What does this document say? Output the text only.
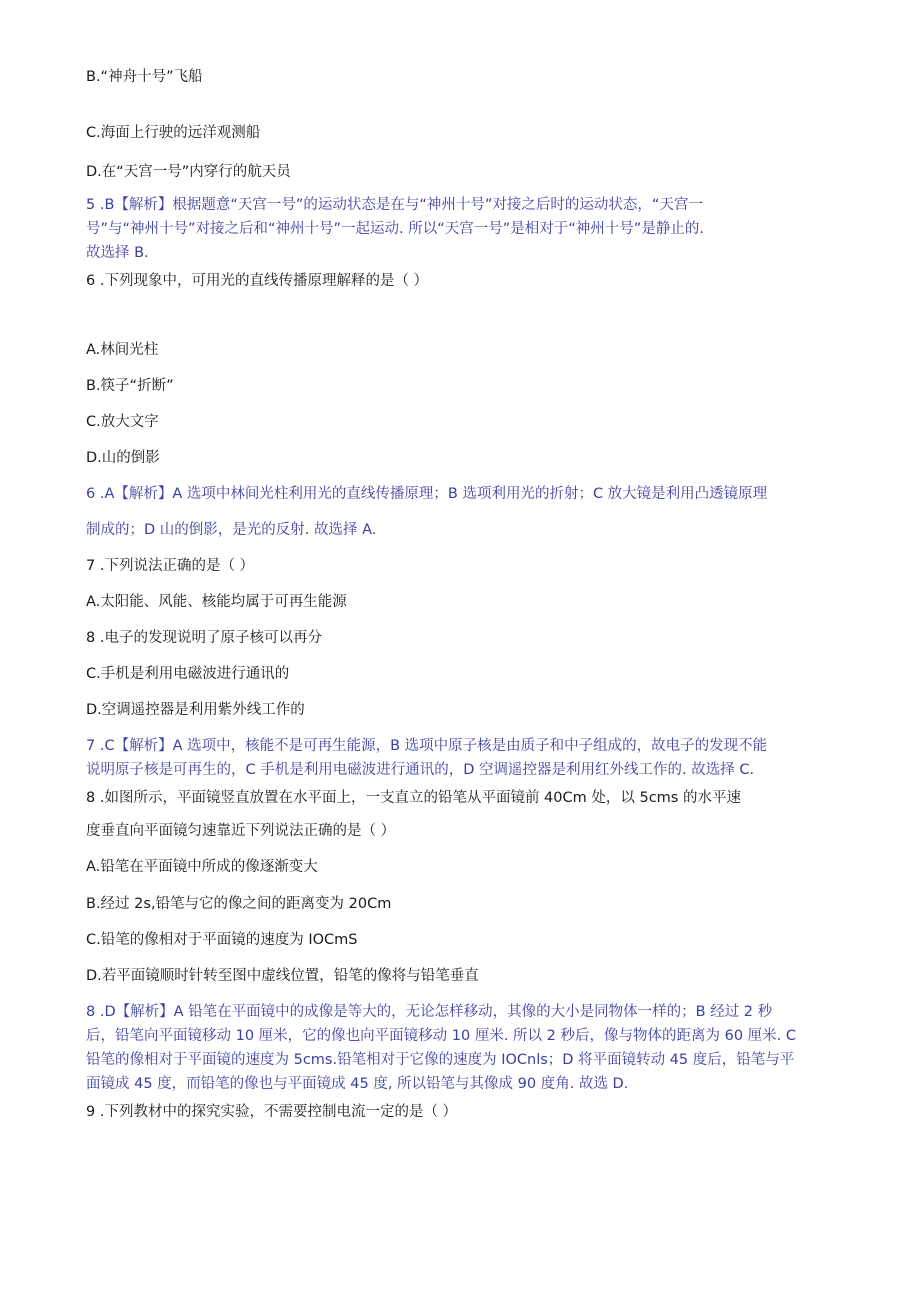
B.“神舟十号”飞船

C.海面上行驶的远洋观测船

D.在“天宫一号”内穿行的航天员

5 .B【解析】根据题意“天宫一号”的运动状态是在与“神州十号”对接之后时的运动状态，“天宫一

号”与“神州十号”对接之后和“神州十号”一起运动. 所以“天宫一号”是相对于“神州十号”是静止的.

故选择 B.

6 .下列现象中，可用光的直线传播原理解释的是（ ）

A.林间光柱

B.筷子“折断”

C.放大文字

D.山的倒影

6 .A【解析】A 选项中林间光柱利用光的直线传播原理；B 选项利用光的折射；C 放大镜是利用凸透镜原理

制成的；D 山的倒影，是光的反射. 故选择 A.

7 .下列说法正确的是（ ）

A.太阳能、风能、核能均属于可再生能源

8 .电子的发现说明了原子核可以再分

C.手机是利用电磁波进行通讯的

D.空调遥控器是利用紫外线工作的

7 .C【解析】A 选项中，核能不是可再生能源，B 选项中原子核是由质子和中子组成的，故电子的发现不能

说明原子核是可再生的，C 手机是利用电磁波进行通讯的，D 空调遥控器是利用红外线工作的. 故选择 C.

8 .如图所示，平面镜竖直放置在水平面上，一支直立的铅笔从平面镜前 40Cm 处，以 5cms 的水平速

度垂直向平面镜匀速靠近下列说法正确的是（ ）

A.铅笔在平面镜中所成的像逐渐变大

B.经过 2s,铅笔与它的像之间的距离变为 20Cm

C.铅笔的像相对于平面镜的速度为 IOCmS

D.若平面镜顺时针转至图中虚线位置，铅笔的像将与铅笔垂直

8 .D【解析】A 铅笔在平面镜中的成像是等大的，无论怎样移动，其像的大小是同物体一样的；B 经过 2 秒

后，铅笔向平面镜移动 10 厘米，它的像也向平面镜移动 10 厘米. 所以 2 秒后，像与物体的距离为 60 厘米. C

铅笔的像相对于平面镜的速度为 5cms.铅笔相对于它像的速度为 IOCnls；D 将平面镜转动 45 度后，铅笔与平

面镜成 45 度，而铅笔的像也与平面镜成 45 度, 所以铅笔与其像成 90 度角. 故选 D.

9 .下列教材中的探究实验，不需要控制电流一定的是（ ）
